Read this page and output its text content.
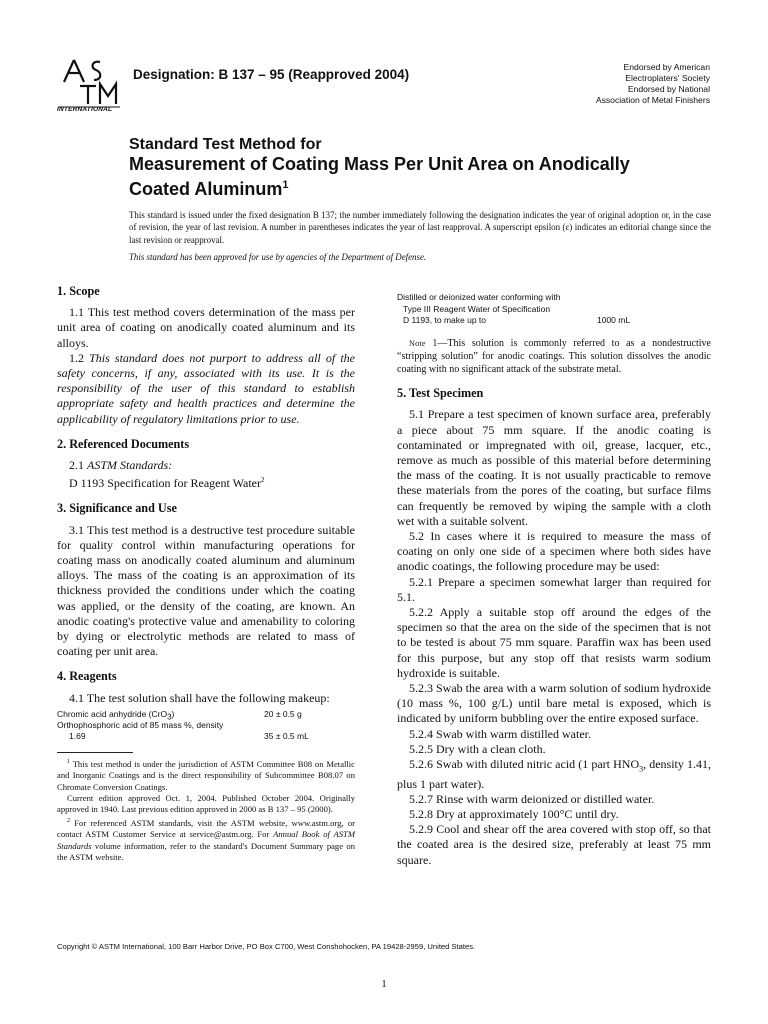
INTERNATIONAL
Designation: B 137 – 95 (Reapproved 2004)	Endorsed by American
Electroplaters' Society
Endorsed by National
Association of Metal Finishers
Standard Test Method for
Measurement of Coating Mass Per Unit Area on Anodically
Coated Aluminum$^1$
This standard is issued under the fixed designation B 137; the number immediately following the designation indicates the year of original adoption or, in the case of revision, the year of last revision. A number in parentheses indicates the year of last reapproval. A superscript epsilon (ε) indicates an editorial change since the last revision or reapproval.
This standard has been approved for use by agencies of the Department of Defense.
1. Scope

1.1 This test method covers determination of the mass per unit area of coating on anodically coated aluminum and its alloys.

1.2 This standard does not purport to address all of the safety concerns, if any, associated with its use. It is the responsibility of the user of this standard to establish appropriate safety and health practices and determine the applicability of regulatory limitations prior to use.

2. Referenced Documents

2.1 ASTM Standards:

D 1193 Specification for Reagent Water$^2$

3. Significance and Use

3.1 This test method is a destructive test procedure suitable for quality control within manufacturing operations for coating mass on anodically coated aluminum and aluminum alloys. The mass of the coating is an approximation of its thickness provided the conditions under which the coating was applied, or the density of the coating, are known. An anodic coating's protective value and amenability to coloring by dying or electrolytic methods are related to mass of coating per unit area.

4. Reagents

4.1 The test solution shall have the following makeup:

Chromic acid anhydride (CrO$_3$)	20 ± 0.5 g
Orthophosphoric acid of 85 mass %, density
1.69	35 ± 0.5 mL

$^1$ This test method is under the jurisdiction of ASTM Committee B08 on Metallic and Inorganic Coatings and is the direct responsibility of Subcommittee B08.07 on Chromate Conversion Coatings.

Current edition approved Oct. 1, 2004. Published October 2004. Originally approved in 1940. Last previous edition approved in 2000 as B 137 – 95 (2000).

$^2$ For referenced ASTM standards, visit the ASTM website, www.astm.org, or contact ASTM Customer Service at service@astm.org. For Annual Book of ASTM Standards volume information, refer to the standard's Document Summary page on the ASTM website.

Distilled or deionized water conforming with
Type III Reagent Water of Specification
D 1193, to make up to	1000 mL

Note 1—This solution is commonly referred to as a nondestructive “stripping solution” for anodic coatings. This solution dissolves the anodic coating with no significant attack of the substrate metal.

5. Test Specimen

5.1 Prepare a test specimen of known surface area, preferably a piece about 75 mm square. If the anodic coating is contaminated or impregnated with oil, grease, lacquer, etc., remove as much as possible of this material before determining the mass of the coating. It is not usually practicable to remove these materials from the pores of the coating, but surface films can frequently be removed by wiping the sample with a cloth wet with a suitable solvent.

5.2 In cases where it is required to measure the mass of coating on only one side of a specimen where both sides have anodic coatings, the following procedure may be used:

5.2.1 Prepare a specimen somewhat larger than required for 5.1.

5.2.2 Apply a suitable stop off around the edges of the specimen so that the area on the side of the specimen that is not to be tested is about 75 mm square. Paraffin wax has been used for this purpose, but any stop off that resists warm sodium hydroxide is suitable.

5.2.3 Swab the area with a warm solution of sodium hydroxide (10 mass %, 100 g/L) until bare metal is exposed, which is indicated by uniform bubbling over the entire exposed surface.

5.2.4 Swab with warm distilled water.

5.2.5 Dry with a clean cloth.

5.2.6 Swab with diluted nitric acid (1 part $HNO_3$, density 1.41, plus 1 part water).

5.2.7 Rinse with warm deionized or distilled water.

5.2.8 Dry at approximately 100°C until dry.

5.2.9 Cool and shear off the area covered with stop off, so that the coated area is the desired size, preferably at least 75 mm square.

Copyright © ASTM International, 100 Barr Harbor Drive, PO Box C700, West Conshohocken, PA 19428-2959, United States.
1
